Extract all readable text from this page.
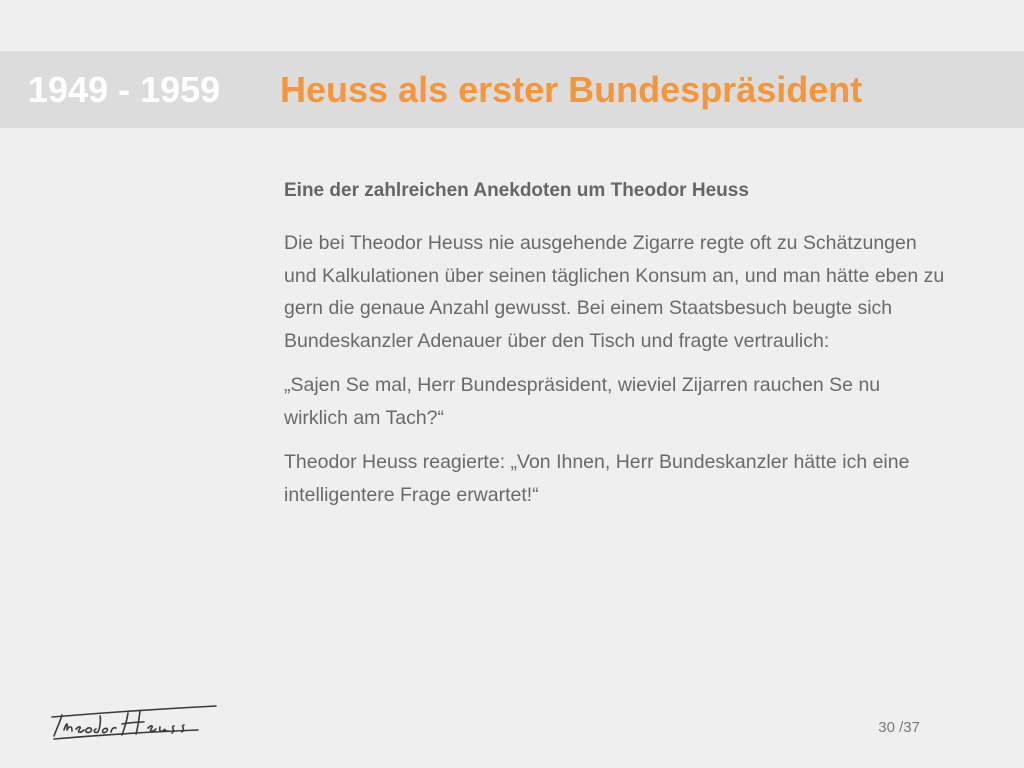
1949 - 1959 Heuss als erster Bundespräsident
Eine der zahlreichen Anekdoten um Theodor Heuss

Die bei Theodor Heuss nie ausgehende Zigarre regte oft zu Schätzungen und Kalkulationen über seinen täglichen Konsum an, und man hätte eben zu gern die genaue Anzahl gewusst. Bei einem Staatsbesuch beugte sich Bundeskanzler Adenauer über den Tisch und fragte vertraulich:

„Sajen Se mal, Herr Bundespräsident, wieviel Zijarren rauchen Se nu wirklich am Tach?“

Theodor Heuss reagierte: „Von Ihnen, Herr Bundeskanzler hätte ich eine intelligentere Frage erwartet!“

30 /37
